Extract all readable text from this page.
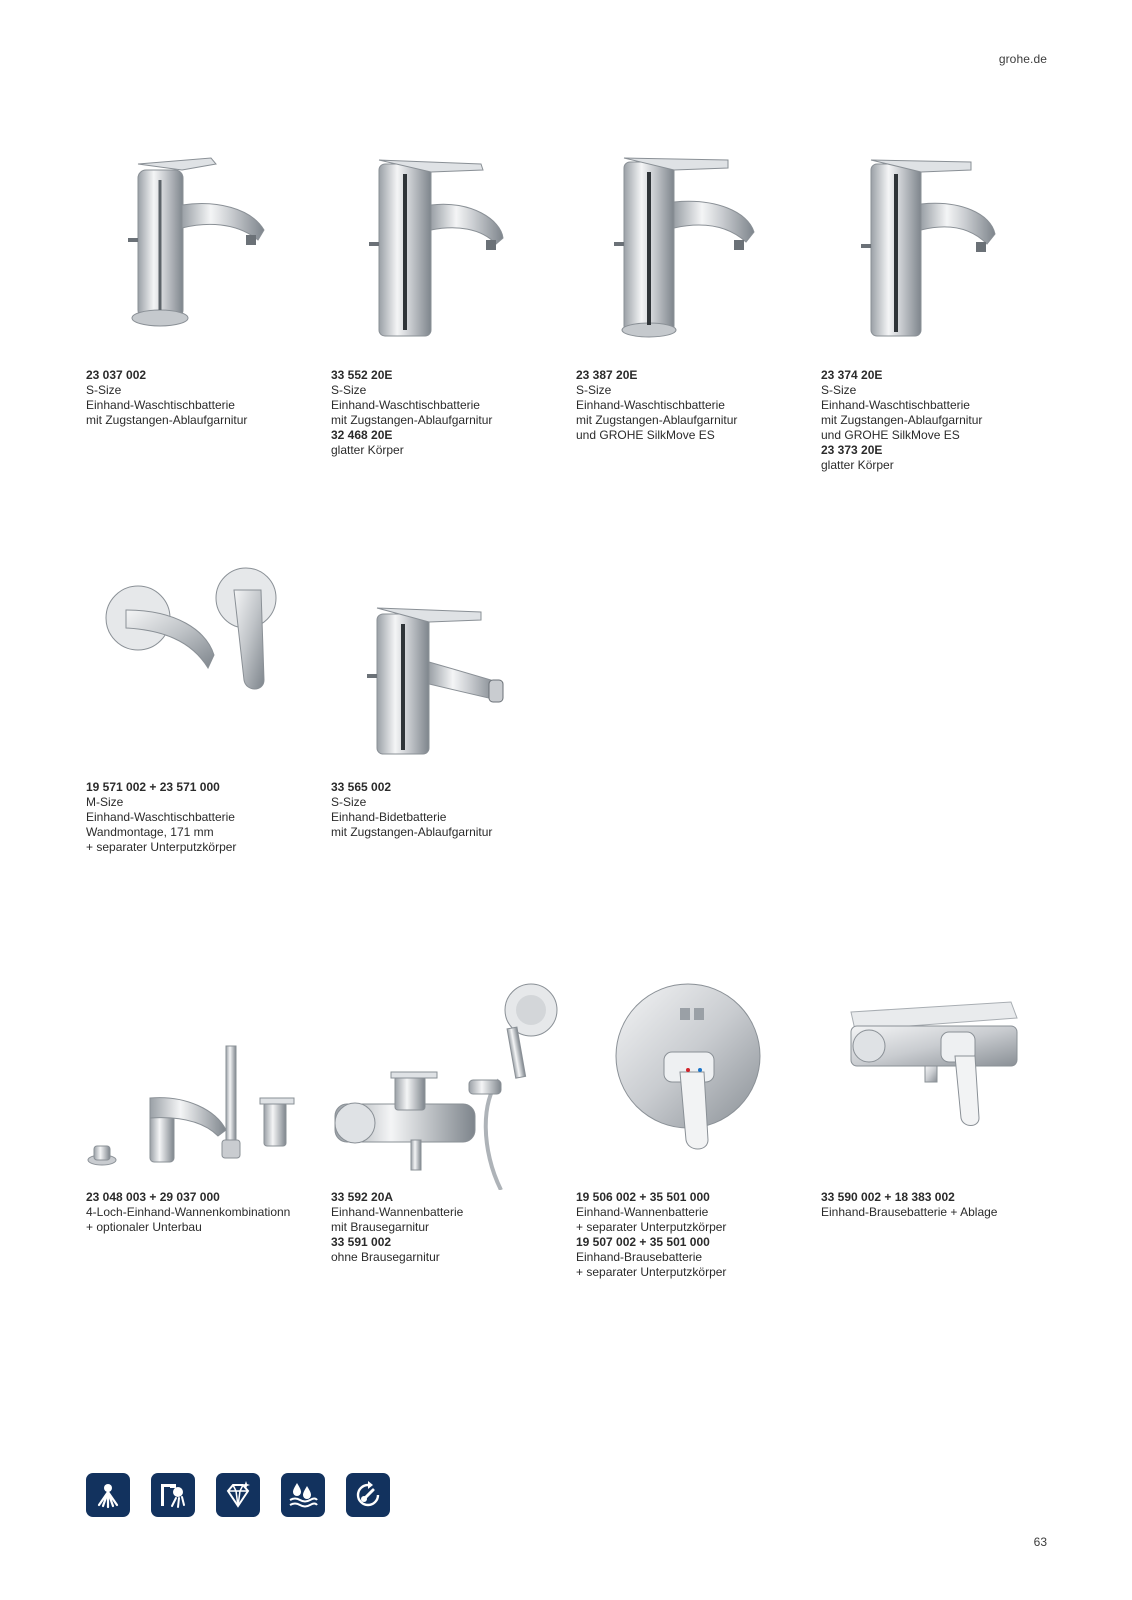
grohe.de
23 037 002
S-Size
Einhand-Waschtischbatterie
mit Zugstangen-Ablaufgarnitur
33 552 20E
S-Size
Einhand-Waschtischbatterie
mit Zugstangen-Ablaufgarnitur
32 468 20E
glatter Körper
23 387 20E
S-Size
Einhand-Waschtischbatterie
mit Zugstangen-Ablaufgarnitur
und GROHE SilkMove ES
23 374 20E
S-Size
Einhand-Waschtischbatterie
mit Zugstangen-Ablaufgarnitur
und GROHE SilkMove ES
23 373 20E
glatter Körper
19 571 002 + 23 571 000
M-Size
Einhand-Waschtischbatterie
Wandmontage, 171 mm
+ separater Unterputzkörper
33 565 002
S-Size
Einhand-Bidetbatterie
mit Zugstangen-Ablaufgarnitur
23 048 003 + 29 037 000
4-Loch-Einhand-Wannenkombinationn
+ optionaler Unterbau
33 592 20A
Einhand-Wannenbatterie
mit Brausegarnitur
33 591 002
ohne Brausegarnitur
19 506 002 + 35 501 000
Einhand-Wannenbatterie
+ separater Unterputzkörper
19 507 002 + 35 501 000
Einhand-Brausebatterie
+ separater Unterputzkörper
33 590 002 + 18 383 002
Einhand-Brausebatterie + Ablage
63
